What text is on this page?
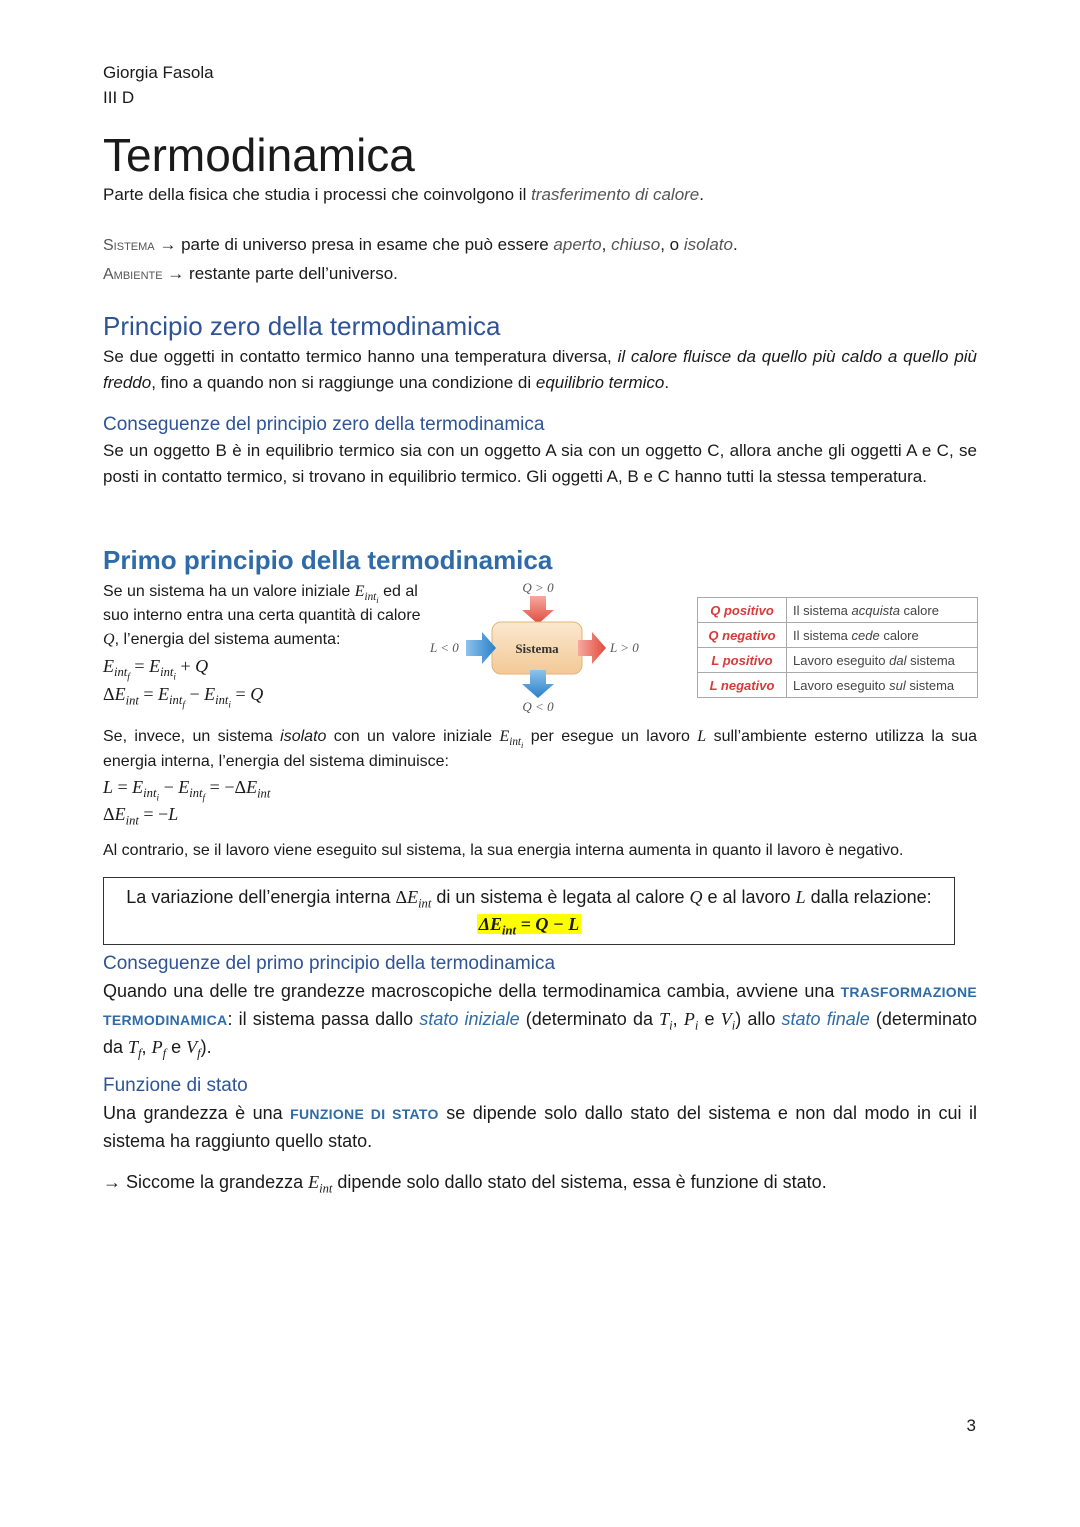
Giorgia Fasola

III D

Termodinamica

Parte della fisica che studia i processi che coinvolgono il trasferimento di calore.

Sistema → parte di universo presa in esame che può essere aperto, chiuso, o isolato.

Ambiente → restante parte dell’universo.

Principio zero della termodinamica

Se due oggetti in contatto termico hanno una temperatura diversa, il calore fluisce da quello più caldo a quello più freddo, fino a quando non si raggiunge una condizione di equilibrio termico.

Conseguenze del principio zero della termodinamica

Se un oggetto B è in equilibrio termico sia con un oggetto A sia con un oggetto C, allora anche gli oggetti A e C, se posti in contatto termico, si trovano in equilibrio termico. Gli oggetti A, B e C hanno tutti la stessa temperatura.

Primo principio della termodinamica

Se un sistema ha un valore iniziale $E_{int_i}$ ed al suo interno entra una certa quantità di calore Q, l’energia del sistema aumenta:

$E_{int_f} = E_{int_i} + Q$

$\Delta E_{int} = E_{int_f} - E_{int_i} = Q$

Q > 0
Sistema
L < 0	L > 0
Q < 0
Q positivo	Il sistema acquista calore
Q negativo	Il sistema cede calore
L positivo	Lavoro eseguito dal sistema
L negativo	Lavoro eseguito sul sistema

Se, invece, un sistema isolato con un valore iniziale $E_{int_i}$ per esegue un lavoro L sull’ambiente esterno utilizza la sua energia interna, l’energia del sistema diminuisce:

$L = E_{int_i} - E_{int_f} = -\Delta E_{int}$

$\Delta E_{int} = -L$

Al contrario, se il lavoro viene eseguito sul sistema, la sua energia interna aumenta in quanto il lavoro è negativo.

La variazione dell’energia interna $\Delta E_{int}$ di un sistema è legata al calore Q e al lavoro L dalla relazione:

$\Delta E_{int} = Q - L$

Conseguenze del primo principio della termodinamica

Quando una delle tre grandezze macroscopiche della termodinamica cambia, avviene una TRASFORMAZIONE TERMODINAMICA: il sistema passa dallo stato iniziale (determinato da $T_i$, $P_i$ e $V_i$) allo stato finale (determinato da $T_f$, $P_f$ e $V_f$).

Funzione di stato

Una grandezza è una FUNZIONE DI STATO se dipende solo dallo stato del sistema e non dal modo in cui il sistema ha raggiunto quello stato.

→ Siccome la grandezza $E_{int}$ dipende solo dallo stato del sistema, essa è funzione di stato.

3
